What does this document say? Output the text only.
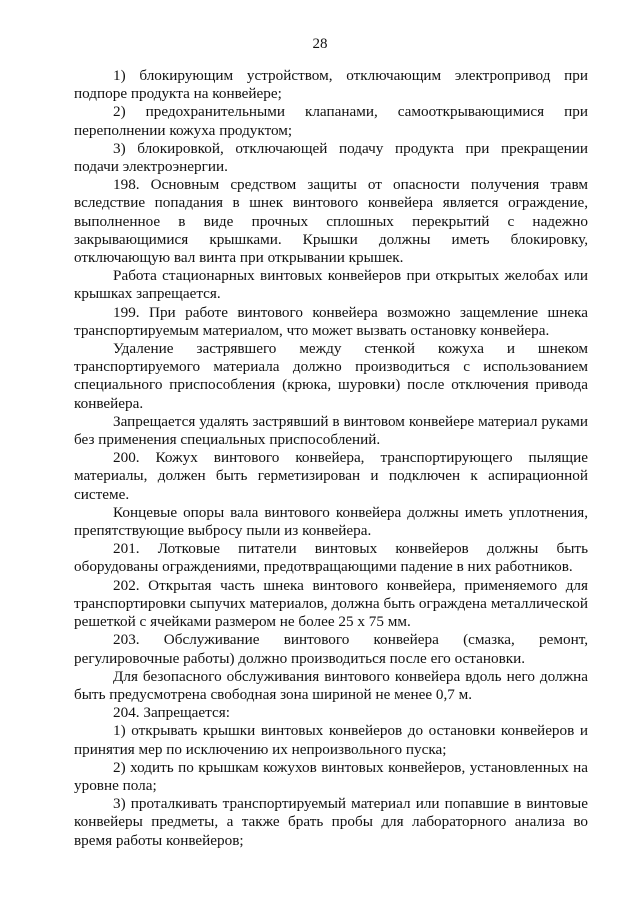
28

1) блокирующим устройством, отключающим электропривод при подпоре продукта на конвейере;

2) предохранительными клапанами, самооткрывающимися при переполнении кожуха продуктом;

3) блокировкой, отключающей подачу продукта при прекращении подачи электроэнергии.

198. Основным средством защиты от опасности получения травм вследствие попадания в шнек винтового конвейера является ограждение, выполненное в виде прочных сплошных перекрытий с надежно закрывающимися крышками. Крышки должны иметь блокировку, отключающую вал винта при открывании крышек.

Работа стационарных винтовых конвейеров при открытых желобах или крышках запрещается.

199. При работе винтового конвейера возможно защемление шнека транспортируемым материалом, что может вызвать остановку конвейера.

Удаление застрявшего между стенкой кожуха и шнеком транспортируемого материала должно производиться с использованием специального приспособления (крюка, шуровки) после отключения привода конвейера.

Запрещается удалять застрявший в винтовом конвейере материал руками без применения специальных приспособлений.

200. Кожух винтового конвейера, транспортирующего пылящие материалы, должен быть герметизирован и подключен к аспирационной системе.

Концевые опоры вала винтового конвейера должны иметь уплотнения, препятствующие выбросу пыли из конвейера.

201. Лотковые питатели винтовых конвейеров должны быть оборудованы ограждениями, предотвращающими падение в них работников.

202. Открытая часть шнека винтового конвейера, применяемого для транспортировки сыпучих материалов, должна быть ограждена металлической решеткой с ячейками размером не более 25 х 75 мм.

203. Обслуживание винтового конвейера (смазка, ремонт, регулировочные работы) должно производиться после его остановки.

Для безопасного обслуживания винтового конвейера вдоль него должна быть предусмотрена свободная зона шириной не менее 0,7 м.

204. Запрещается:

1) открывать крышки винтовых конвейеров до остановки конвейеров и принятия мер по исключению их непроизвольного пуска;

2) ходить по крышкам кожухов винтовых конвейеров, установленных на уровне пола;

3) проталкивать транспортируемый материал или попавшие в винтовые конвейеры предметы, а также брать пробы для лабораторного анализа во время работы конвейеров;
